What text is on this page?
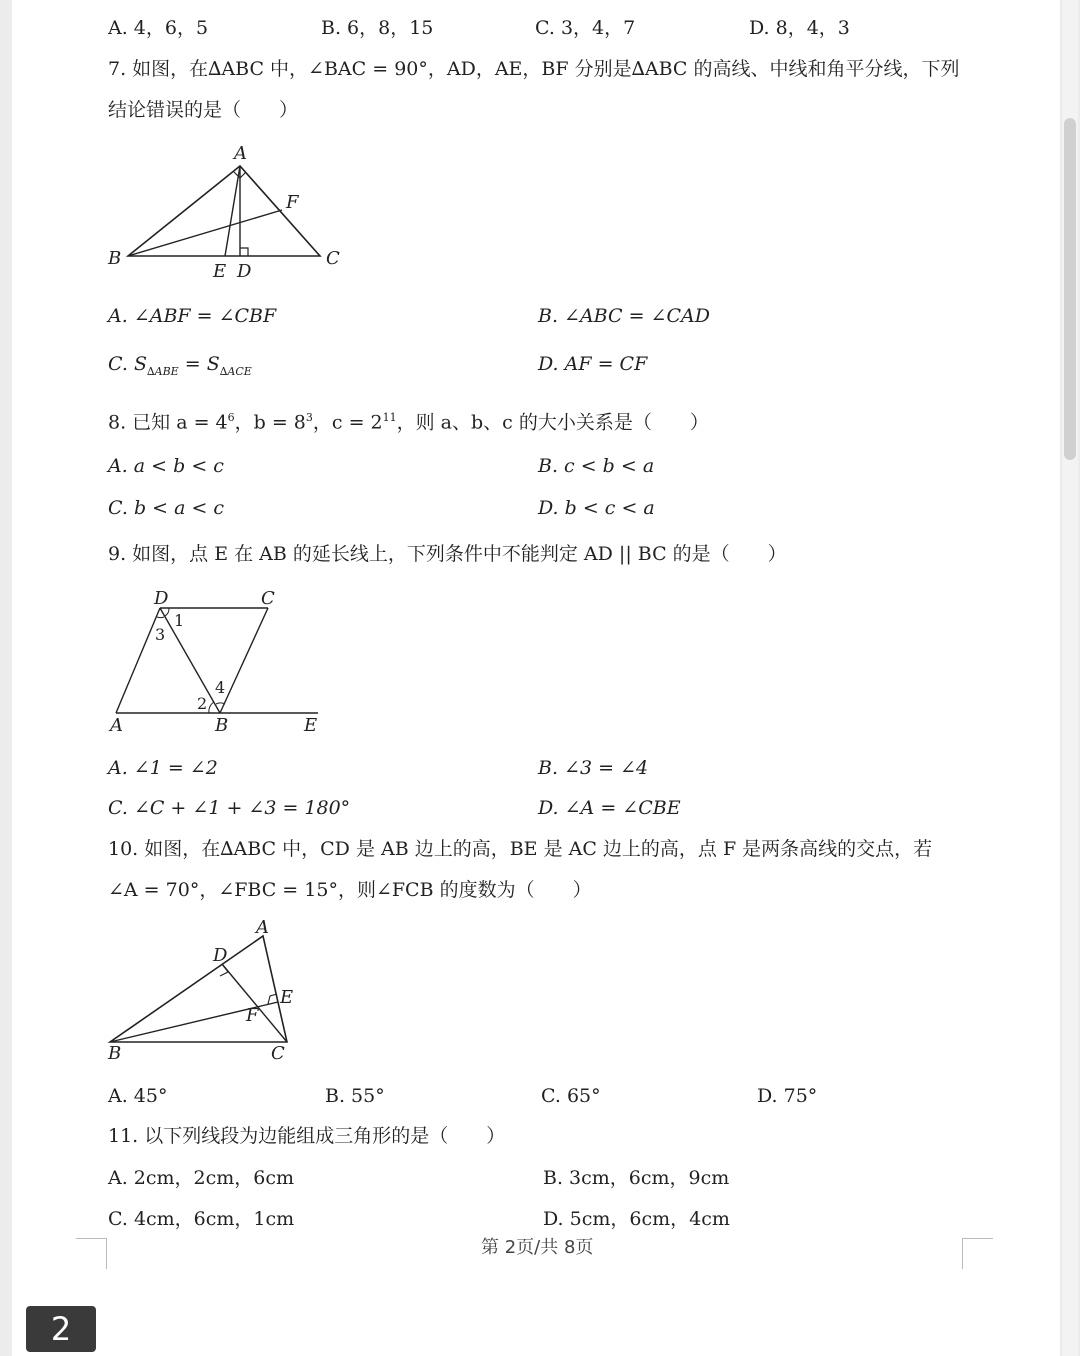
A. 4，6，5	B. 6，8，15	C. 3，4，7	D. 8，4，3
7. 如图，在∆ABC 中，∠BAC = 90°，AD，AE，BF 分别是∆ABC 的高线、中线和角平分线，下列
结论错误的是（　　）
A
B	C
D
E
F
A. ∠ABF = ∠CBF	B. ∠ABC = ∠CAD
C. $S_{\Delta ABE} = S_{\Delta ACE}$	D. AF = CF
8. 已知 $a = 4^6$，$b = 8^3$，$c = 2^{11}$，则 a、b、c 的大小关系是（　　）
A. a < b < c	B. c < b < a
C. b < a < c	D. b < c < a
9. 如图，点 E 在 AB 的延长线上，下列条件中不能判定 AD || BC 的是（　　）
A	B
C
D
E
1
3
2
4
A. ∠1 = ∠2	B. ∠3 = ∠4
C. ∠C + ∠1 + ∠3 = 180°	D. ∠A = ∠CBE
10. 如图，在∆ABC 中，CD 是 AB 边上的高，BE 是 AC 边上的高，点 F 是两条高线的交点，若
∠A = 70°，∠FBC = 15°，则∠FCB 的度数为（　　）
A
B	C
D
E
F
A. 45°	B. 55°	C. 65°	D. 75°
11. 以下列线段为边能组成三角形的是（　　）
A. 2cm，2cm，6cm	B. 3cm，6cm，9cm
C. 4cm，6cm，1cm	D. 5cm，6cm，4cm
第 2页/共 8页
2
